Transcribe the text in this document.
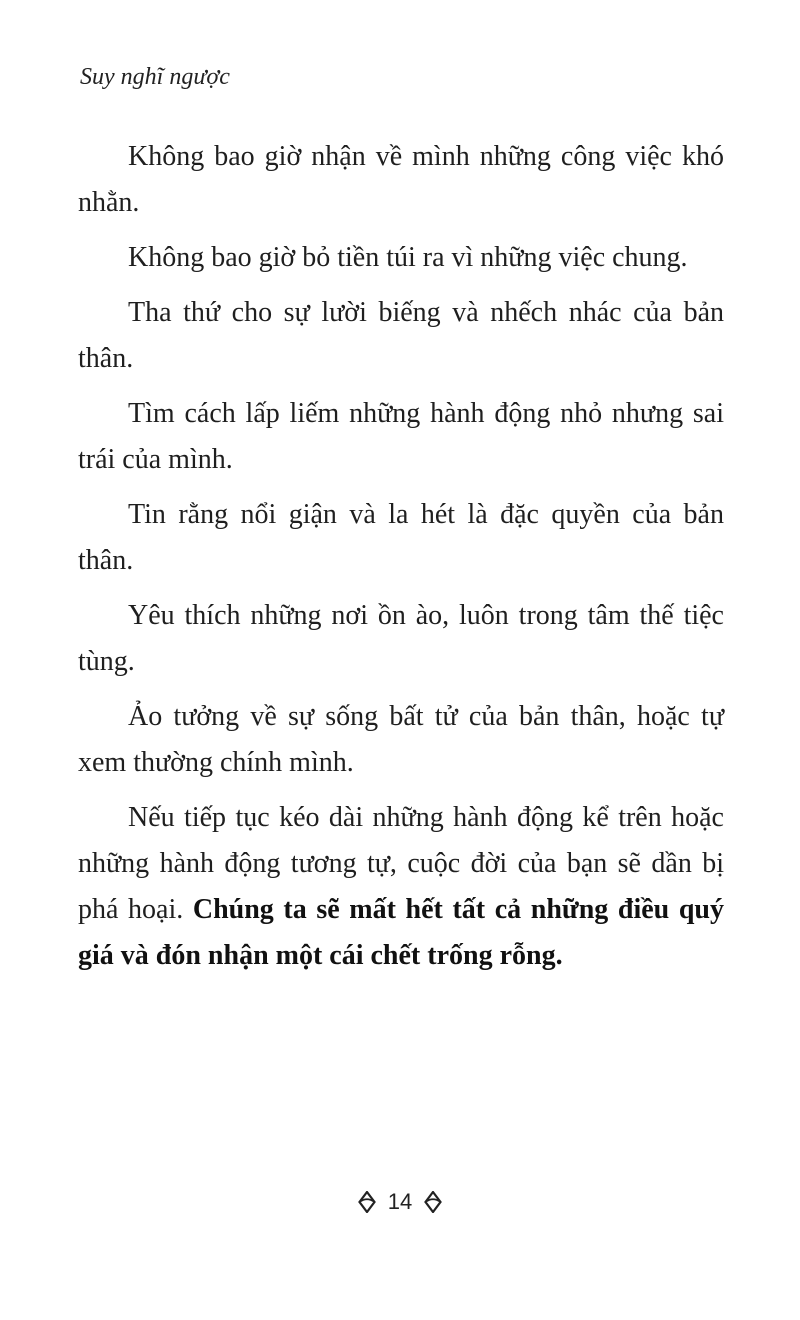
Suy nghĩ ngược

Không bao giờ nhận về mình những công việc khó nhằn.

Không bao giờ bỏ tiền túi ra vì những việc chung.

Tha thứ cho sự lười biếng và nhếch nhác của bản thân.

Tìm cách lấp liếm những hành động nhỏ nhưng sai trái của mình.

Tin rằng nổi giận và la hét là đặc quyền của bản thân.

Yêu thích những nơi ồn ào, luôn trong tâm thế tiệc tùng.

Ảo tưởng về sự sống bất tử của bản thân, hoặc tự xem thường chính mình.

Nếu tiếp tục kéo dài những hành động kể trên hoặc những hành động tương tự, cuộc đời của bạn sẽ dần bị phá hoại. Chúng ta sẽ mất hết tất cả những điều quý giá và đón nhận một cái chết trống rỗng.

14
